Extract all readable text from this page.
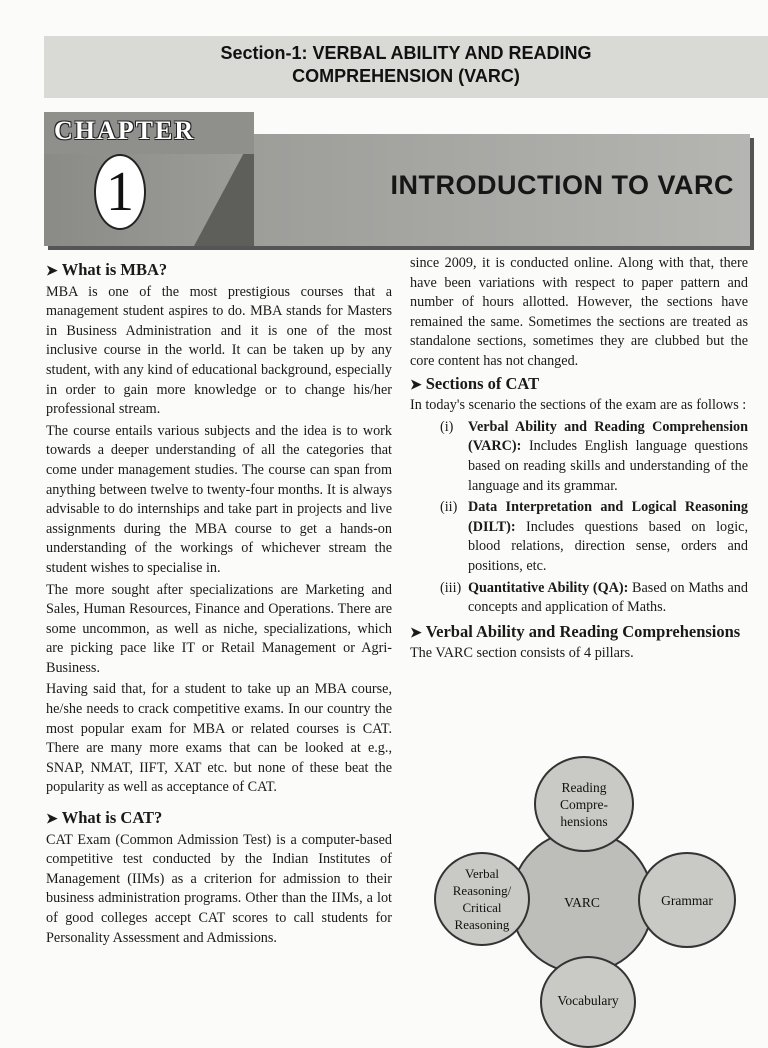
Section-1: VERBAL ABILITY AND READING
COMPREHENSION (VARC)
CHAPTER
1	INTRODUCTION TO VARC
➤ What is MBA?

MBA is one of the most prestigious courses that a management student aspires to do. MBA stands for Masters in Business Administration and it is one of the most inclusive course in the world. It can be taken up by any student, with any kind of educational background, especially in order to gain more knowledge or to change his/her professional stream.

The course entails various subjects and the idea is to work towards a deeper understanding of all the categories that come under management studies. The course can span from anything between twelve to twenty-four months. It is always advisable to do internships and take part in projects and live assignments during the MBA course to get a hands-on understanding of the workings of whichever stream the student wishes to specialise in.

The more sought after specializations are Marketing and Sales, Human Resources, Finance and Operations. There are some uncommon, as well as niche, specializations, which are picking pace like IT or Retail Management or Agri-Business.

Having said that, for a student to take up an MBA course, he/she needs to crack competitive exams. In our country the most popular exam for MBA or related courses is CAT. There are many more exams that can be looked at e.g., SNAP, NMAT, IIFT, XAT etc. but none of these beat the popularity as well as acceptance of CAT.

➤ What is CAT?

CAT Exam (Common Admission Test) is a computer-based competitive test conducted by the Indian Institutes of Management (IIMs) as a criterion for admission to their business administration programs. Other than the IIMs, a lot of good colleges accept CAT scores to call students for Personality Assessment and Admissions.

since 2009, it is conducted online. Along with that, there have been variations with respect to paper pattern and number of hours allotted. However, the sections have remained the same. Sometimes the sections are treated as standalone sections, sometimes they are clubbed but the core content has not changed.

➤ Sections of CAT

In today's scenario the sections of the exam are as follows :

(i)	Verbal Ability and Reading Comprehension (VARC): Includes English language questions based on reading skills and understanding of the language and its grammar.
(ii) Data Interpretation and Logical Reasoning (DILT): Includes questions based on logic, blood relations, direction sense, orders and positions, etc.
(iii) Quantitative Ability (QA): Based on Maths and concepts and application of Maths.
➤ Verbal Ability and Reading Comprehensions

The VARC section consists of 4 pillars.

VARC
Reading Compre- hensions
Verbal Reasoning/ Critical Reasoning
Grammar
Vocabulary
